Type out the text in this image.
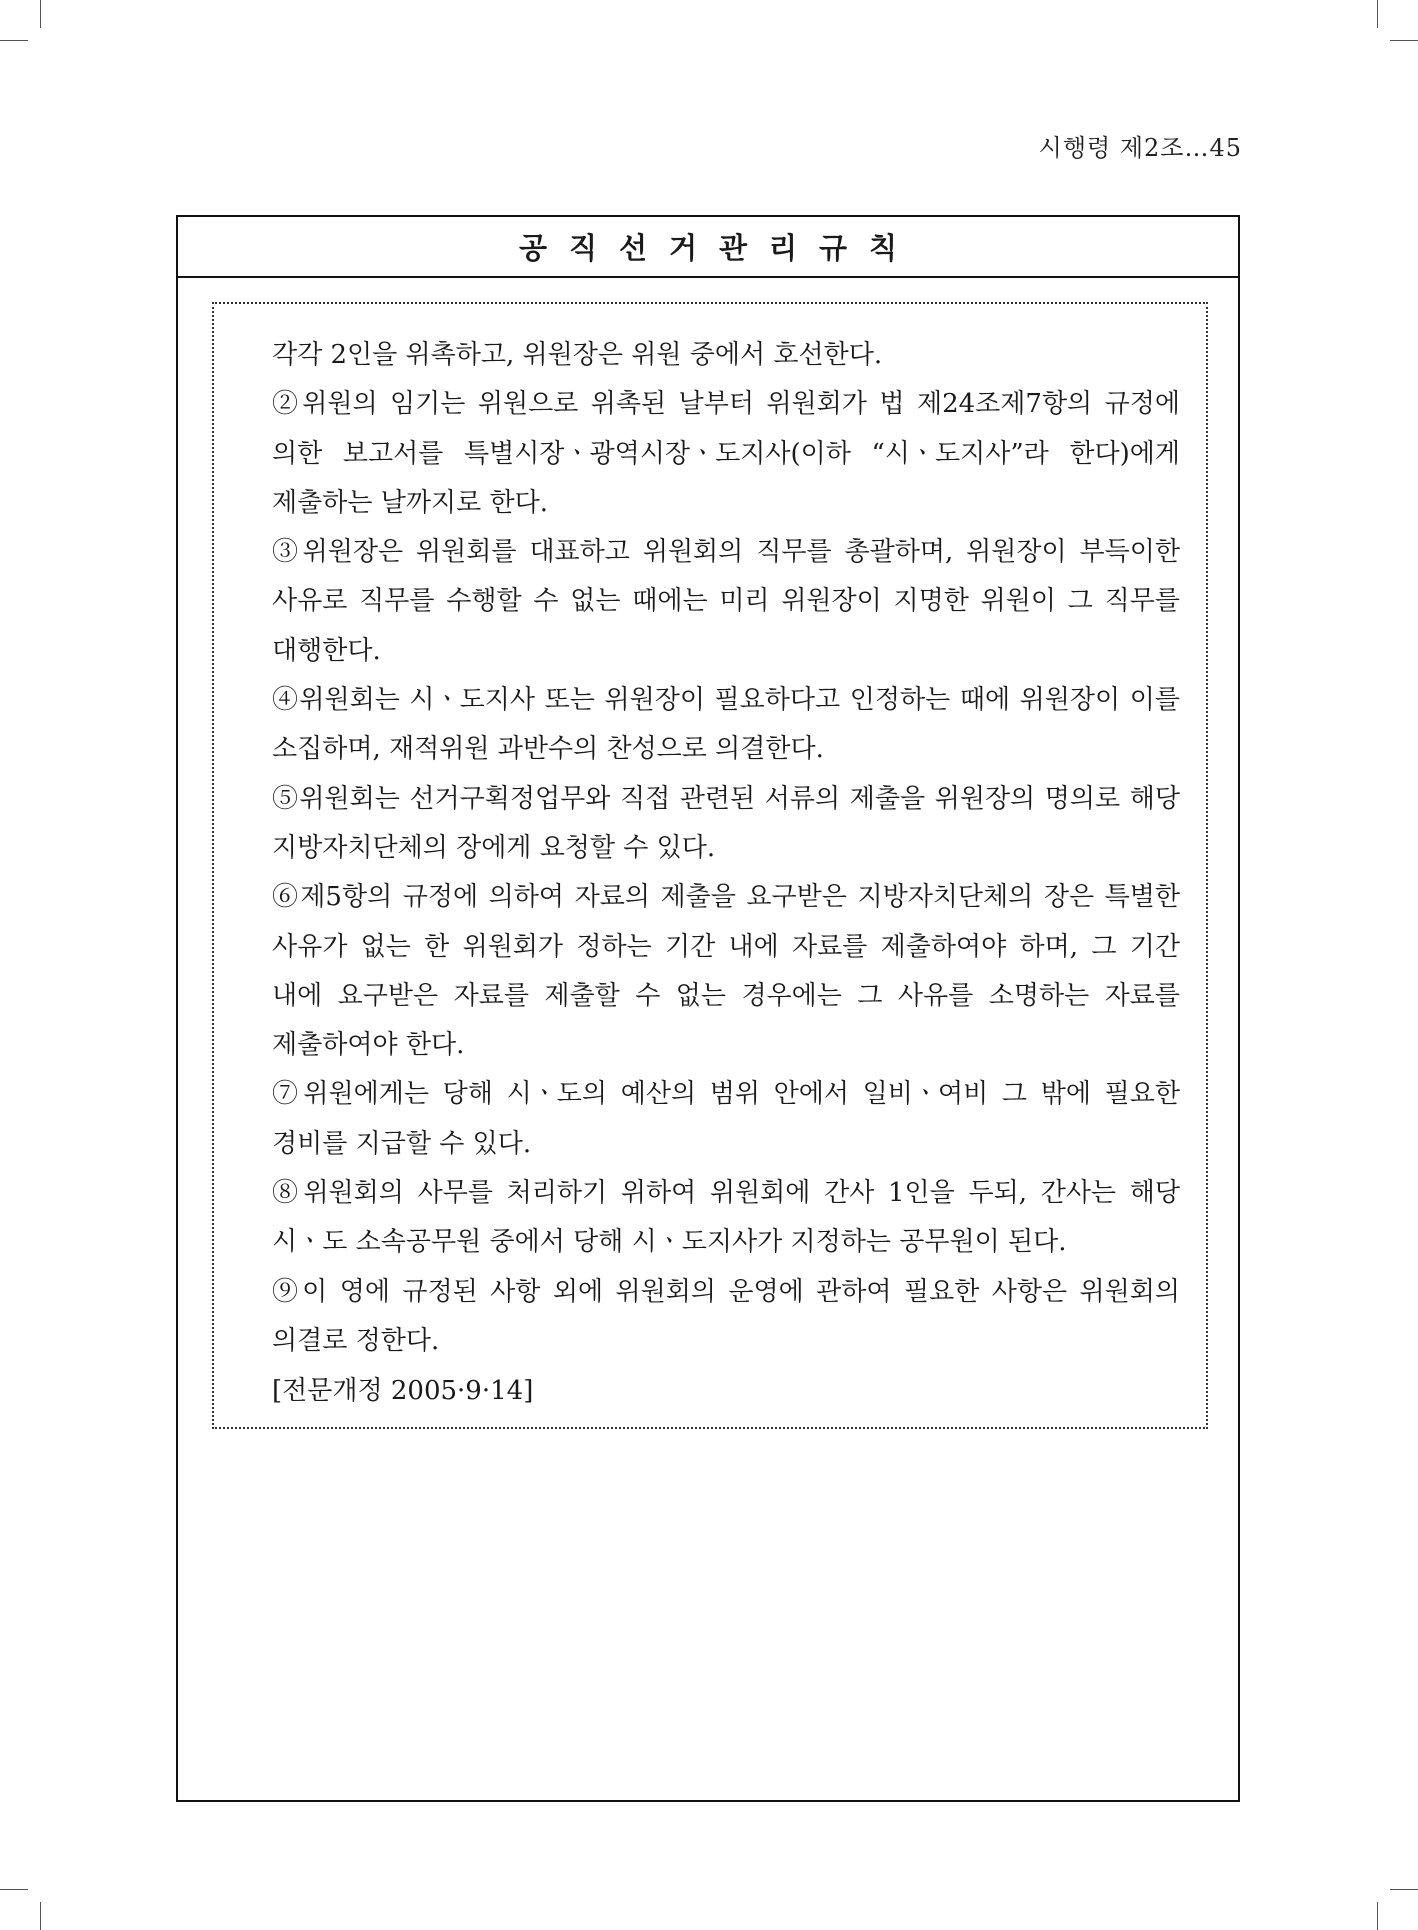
시행령 제2조…45
공직선거관리규칙

각각 2인을 위촉하고, 위원장은 위원 중에서 호선한다.

②위원의 임기는 위원으로 위촉된 날부터 위원회가 법 제24조제7항의 규정에 의한 보고서를 특별시장ㆍ광역시장ㆍ도지사(이하 “시ㆍ도지사”라 한다)에게 제출하는 날까지로 한다.

③위원장은 위원회를 대표하고 위원회의 직무를 총괄하며, 위원장이 부득이한 사유로 직무를 수행할 수 없는 때에는 미리 위원장이 지명한 위원이 그 직무를 대행한다.

④위원회는 시ㆍ도지사 또는 위원장이 필요하다고 인정하는 때에 위원장이 이를 소집하며, 재적위원 과반수의 찬성으로 의결한다.

⑤위원회는 선거구획정업무와 직접 관련된 서류의 제출을 위원장의 명의로 해당 지방자치단체의 장에게 요청할 수 있다.

⑥제5항의 규정에 의하여 자료의 제출을 요구받은 지방자치단체의 장은 특별한 사유가 없는 한 위원회가 정하는 기간 내에 자료를 제출하여야 하며, 그 기간 내에 요구받은 자료를 제출할 수 없는 경우에는 그 사유를 소명하는 자료를 제출하여야 한다.

⑦위원에게는 당해 시ㆍ도의 예산의 범위 안에서 일비ㆍ여비 그 밖에 필요한 경비를 지급할 수 있다.

⑧위원회의 사무를 처리하기 위하여 위원회에 간사 1인을 두되, 간사는 해당 시ㆍ도 소속공무원 중에서 당해 시ㆍ도지사가 지정하는 공무원이 된다.

⑨이 영에 규정된 사항 외에 위원회의 운영에 관하여 필요한 사항은 위원회의 의결로 정한다.

[전문개정 2005·9·14]
